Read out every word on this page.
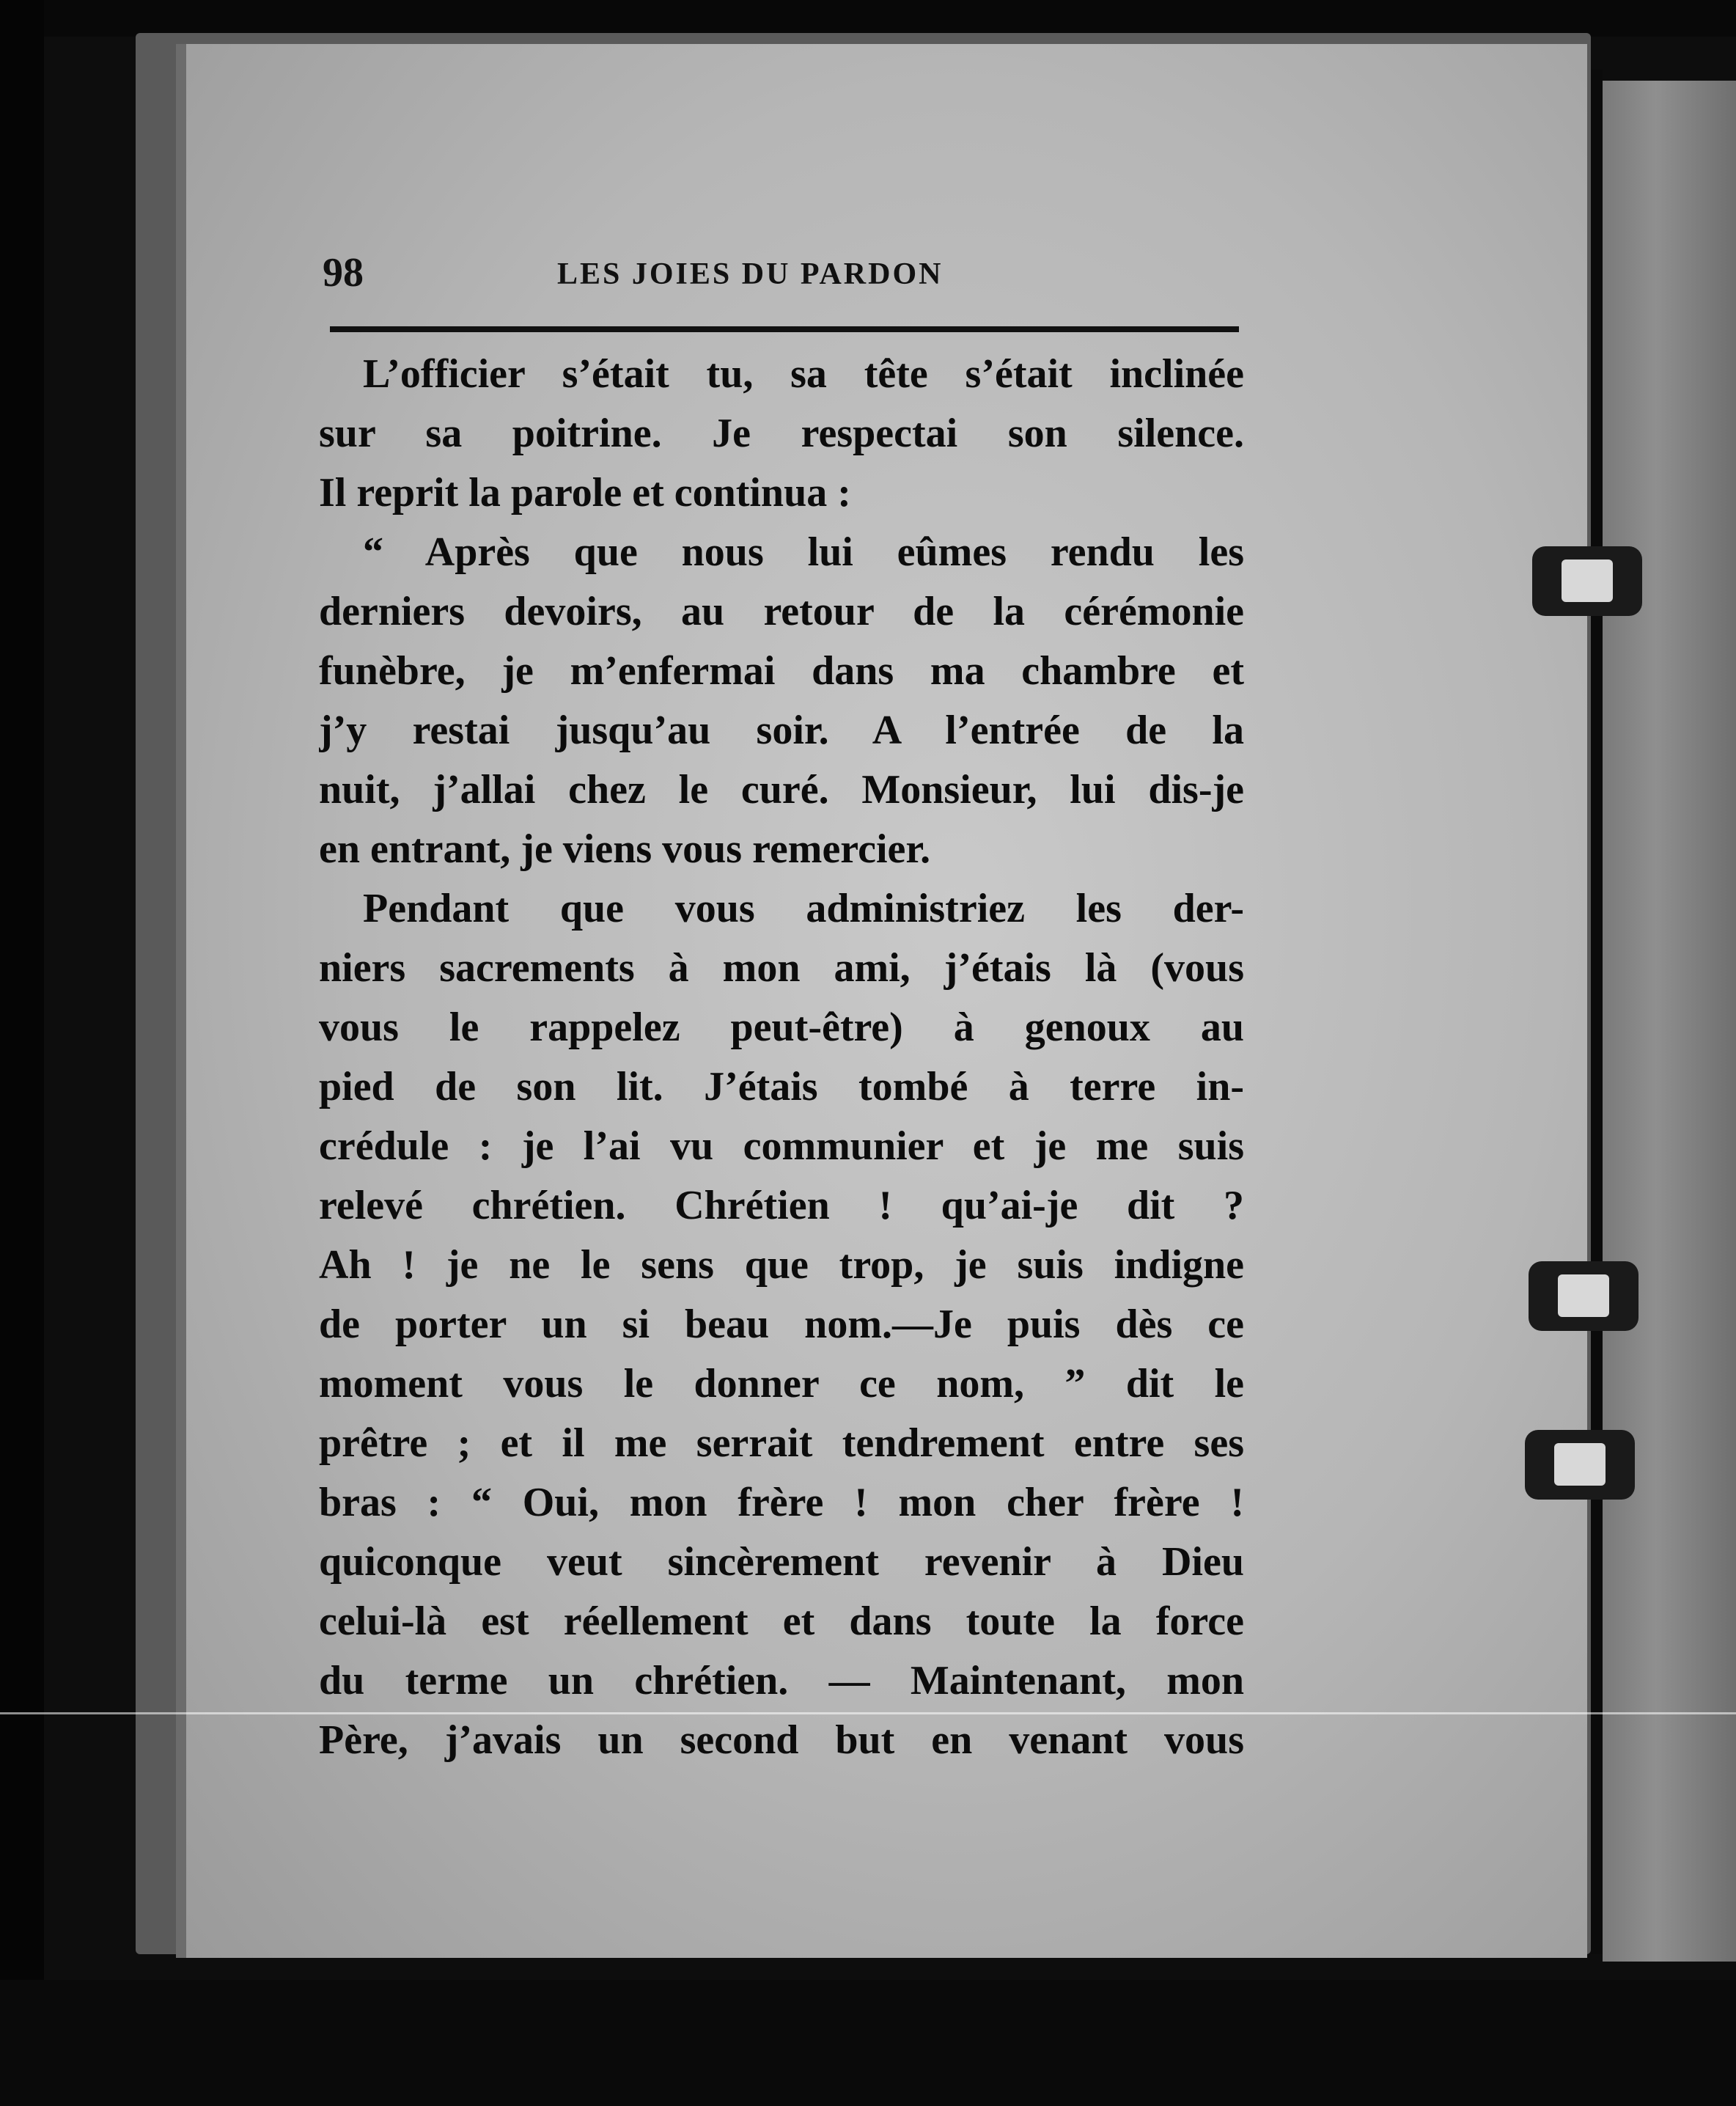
98	LES JOIES DU PARDON
L’officier s’était tu, sa tête s’était inclinée
sur sa poitrine. Je respectai son silence.
Il reprit la parole et continua :
“ Après que nous lui eûmes rendu les
derniers devoirs, au retour de la cérémonie
funèbre, je m’enfermai dans ma chambre et
j’y restai jusqu’au soir. A l’entrée de la
nuit, j’allai chez le curé. Monsieur, lui dis-je
en entrant, je viens vous remercier.
Pendant que vous administriez les der-
niers sacrements à mon ami, j’étais là (vous
vous le rappelez peut-être) à genoux au
pied de son lit. J’étais tombé à terre in-
crédule : je l’ai vu communier et je me suis
relevé chrétien. Chrétien ! qu’ai-je dit ?
Ah ! je ne le sens que trop, je suis indigne
de porter un si beau nom.—Je puis dès ce
moment vous le donner ce nom, ” dit le
prêtre ; et il me serrait tendrement entre ses
bras : “ Oui, mon frère ! mon cher frère !
quiconque veut sincèrement revenir à Dieu
celui-là est réellement et dans toute la force
du terme un chrétien. — Maintenant, mon
Père, j’avais un second but en venant vous
